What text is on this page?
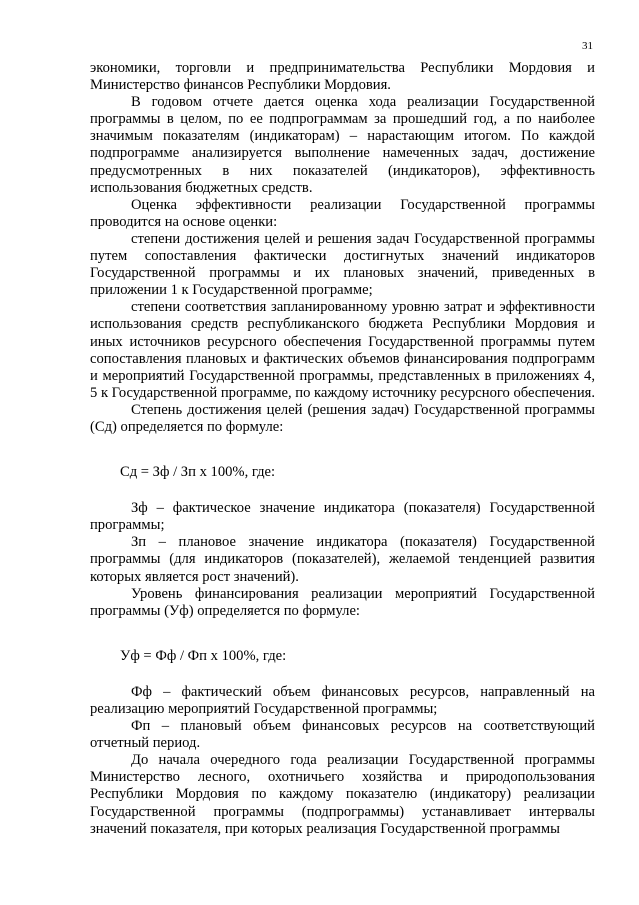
31

экономики, торговли и предпринимательства Республики Мордовия и Министерство финансов Республики Мордовия.

В годовом отчете дается оценка хода реализации Государственной программы в целом, по ее подпрограммам за прошедший год, а по наиболее значимым показателям (индикаторам) – нарастающим итогом. По каждой подпрограмме анализируется выполнение намеченных задач, достижение предусмотренных в них показателей (индикаторов), эффективность использования бюджетных средств.

Оценка эффективности реализации Государственной программы проводится на основе оценки:

степени достижения целей и решения задач Государственной программы путем сопоставления фактически достигнутых значений индикаторов Государственной программы и их плановых значений, приведенных в приложении 1 к Государственной программе;

степени соответствия запланированному уровню затрат и эффективности использования средств республиканского бюджета Республики Мордовия и иных источников ресурсного обеспечения Государственной программы путем сопоставления плановых и фактических объемов финансирования подпрограмм и мероприятий Государственной программы, представленных в приложениях 4, 5 к Государственной программе, по каждому источнику ресурсного обеспечения.

Степень достижения целей (решения задач) Государственной программы (Сд) определяется по формуле:

Сд = Зф / Зп х 100%, где:

Зф – фактическое значение индикатора (показателя) Государственной программы;

Зп – плановое значение индикатора (показателя) Государственной программы (для индикаторов (показателей), желаемой тенденцией развития которых является рост значений).

Уровень финансирования реализации мероприятий Государственной программы (Уф) определяется по формуле:

Уф = Фф / Фп х 100%, где:

Фф – фактический объем финансовых ресурсов, направленный на реализацию мероприятий Государственной программы;

Фп – плановый объем финансовых ресурсов на соответствующий отчетный период.

До начала очередного года реализации Государственной программы Министерство лесного, охотничьего хозяйства и природопользования Республики Мордовия по каждому показателю (индикатору) реализации Государственной программы (подпрограммы) устанавливает интервалы значений показателя, при которых реализация Государственной программы
